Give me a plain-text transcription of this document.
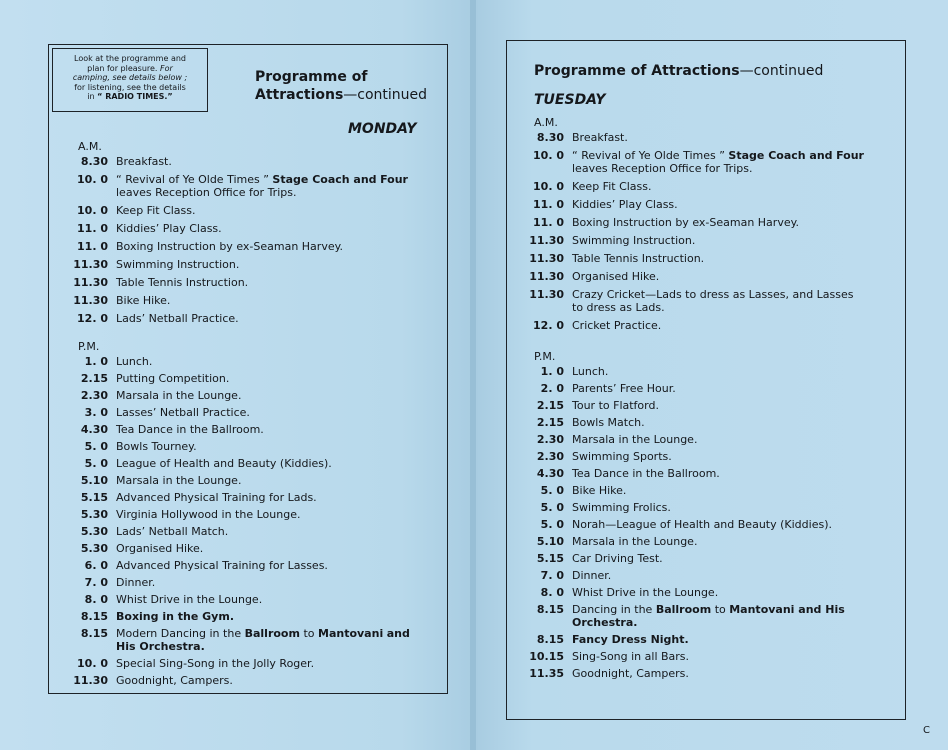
Look at the programme and
plan for pleasure. For
camping, see details below ;
for listening, see the details
in “ RADIO TIMES.”
Programme of
Attractions—continued
MONDAY
A.M.
8.30 Breakfast.
10. 0 “ Revival of Ye Olde Times ” Stage Coach and Four leaves Reception Office for Trips.
10. 0 Keep Fit Class.
11. 0 Kiddies’ Play Class.
11. 0 Boxing Instruction by ex-Seaman Harvey.
11.30 Swimming Instruction.
11.30 Table Tennis Instruction.
11.30 Bike Hike.
12. 0 Lads’ Netball Practice.
P.M.
1. 0 Lunch.
2.15 Putting Competition.
2.30 Marsala in the Lounge.
3. 0 Lasses’ Netball Practice.
4.30 Tea Dance in the Ballroom.
5. 0 Bowls Tourney.
5. 0 League of Health and Beauty (Kiddies).
5.10 Marsala in the Lounge.
5.15 Advanced Physical Training for Lads.
5.30 Virginia Hollywood in the Lounge.
5.30 Lads’ Netball Match.
5.30 Organised Hike.
6. 0 Advanced Physical Training for Lasses.
7. 0 Dinner.
8. 0 Whist Drive in the Lounge.
8.15 Boxing in the Gym.
8.15 Modern Dancing in the Ballroom to Mantovani and His Orchestra.
10. 0 Special Sing-Song in the Jolly Roger.
11.30 Goodnight, Campers.
Programme of Attractions—continued
TUESDAY
A.M.
8.30 Breakfast.
10. 0 “ Revival of Ye Olde Times ” Stage Coach and Four leaves Reception Office for Trips.
10. 0 Keep Fit Class.
11. 0 Kiddies’ Play Class.
11. 0 Boxing Instruction by ex-Seaman Harvey.
11.30 Swimming Instruction.
11.30 Table Tennis Instruction.
11.30 Organised Hike.
11.30 Crazy Cricket—Lads to dress as Lasses, and Lasses
to dress as Lads.
12. 0 Cricket Practice.
P.M.
1. 0 Lunch.
2. 0 Parents’ Free Hour.
2.15 Tour to Flatford.
2.15 Bowls Match.
2.30 Marsala in the Lounge.
2.30 Swimming Sports.
4.30 Tea Dance in the Ballroom.
5. 0 Bike Hike.
5. 0 Swimming Frolics.
5. 0 Norah—League of Health and Beauty (Kiddies).
5.10 Marsala in the Lounge.
5.15 Car Driving Test.
7. 0 Dinner.
8. 0 Whist Drive in the Lounge.
8.15 Dancing in the Ballroom to Mantovani and His Orchestra.
8.15 Fancy Dress Night.
10.15 Sing-Song in all Bars.
11.35 Goodnight, Campers.
C
